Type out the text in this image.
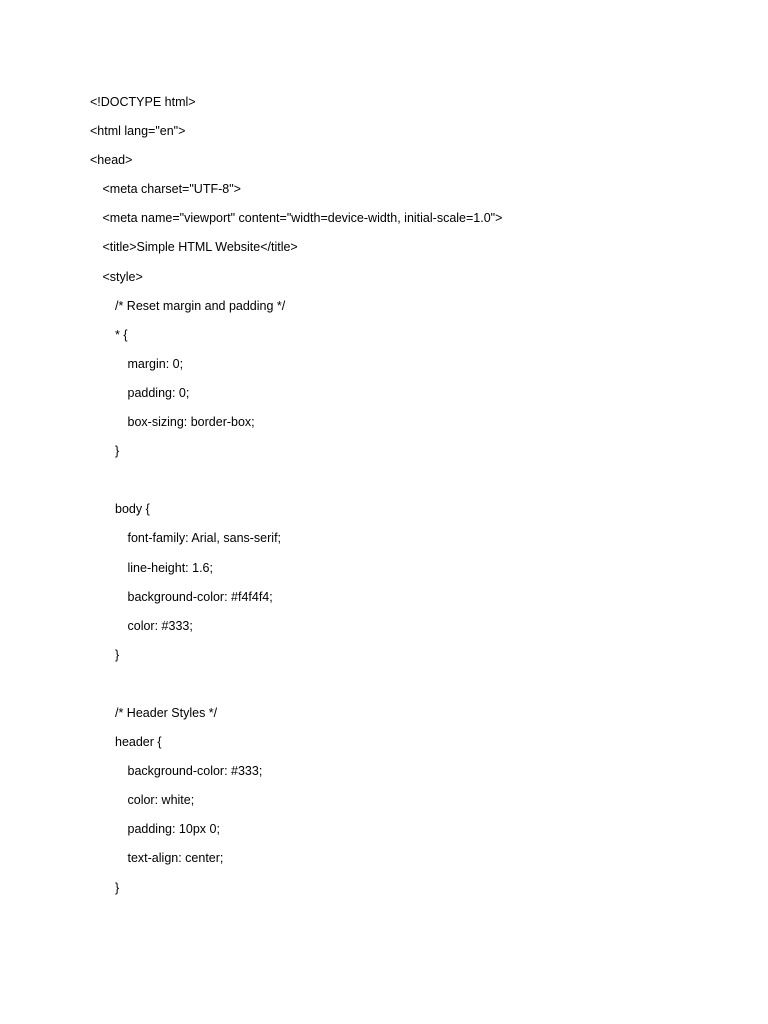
<!DOCTYPE html>
<html lang="en">
<head>
<meta charset="UTF-8">
<meta name="viewport" content="width=device-width, initial-scale=1.0">
<title>Simple HTML Website</title>
<style>
/* Reset margin and padding */
* {
margin: 0;
padding: 0;
box-sizing: border-box;
}
body {
font-family: Arial, sans-serif;
line-height: 1.6;
background-color: #f4f4f4;
color: #333;
}
/* Header Styles */
header {
background-color: #333;
color: white;
padding: 10px 0;
text-align: center;
}
